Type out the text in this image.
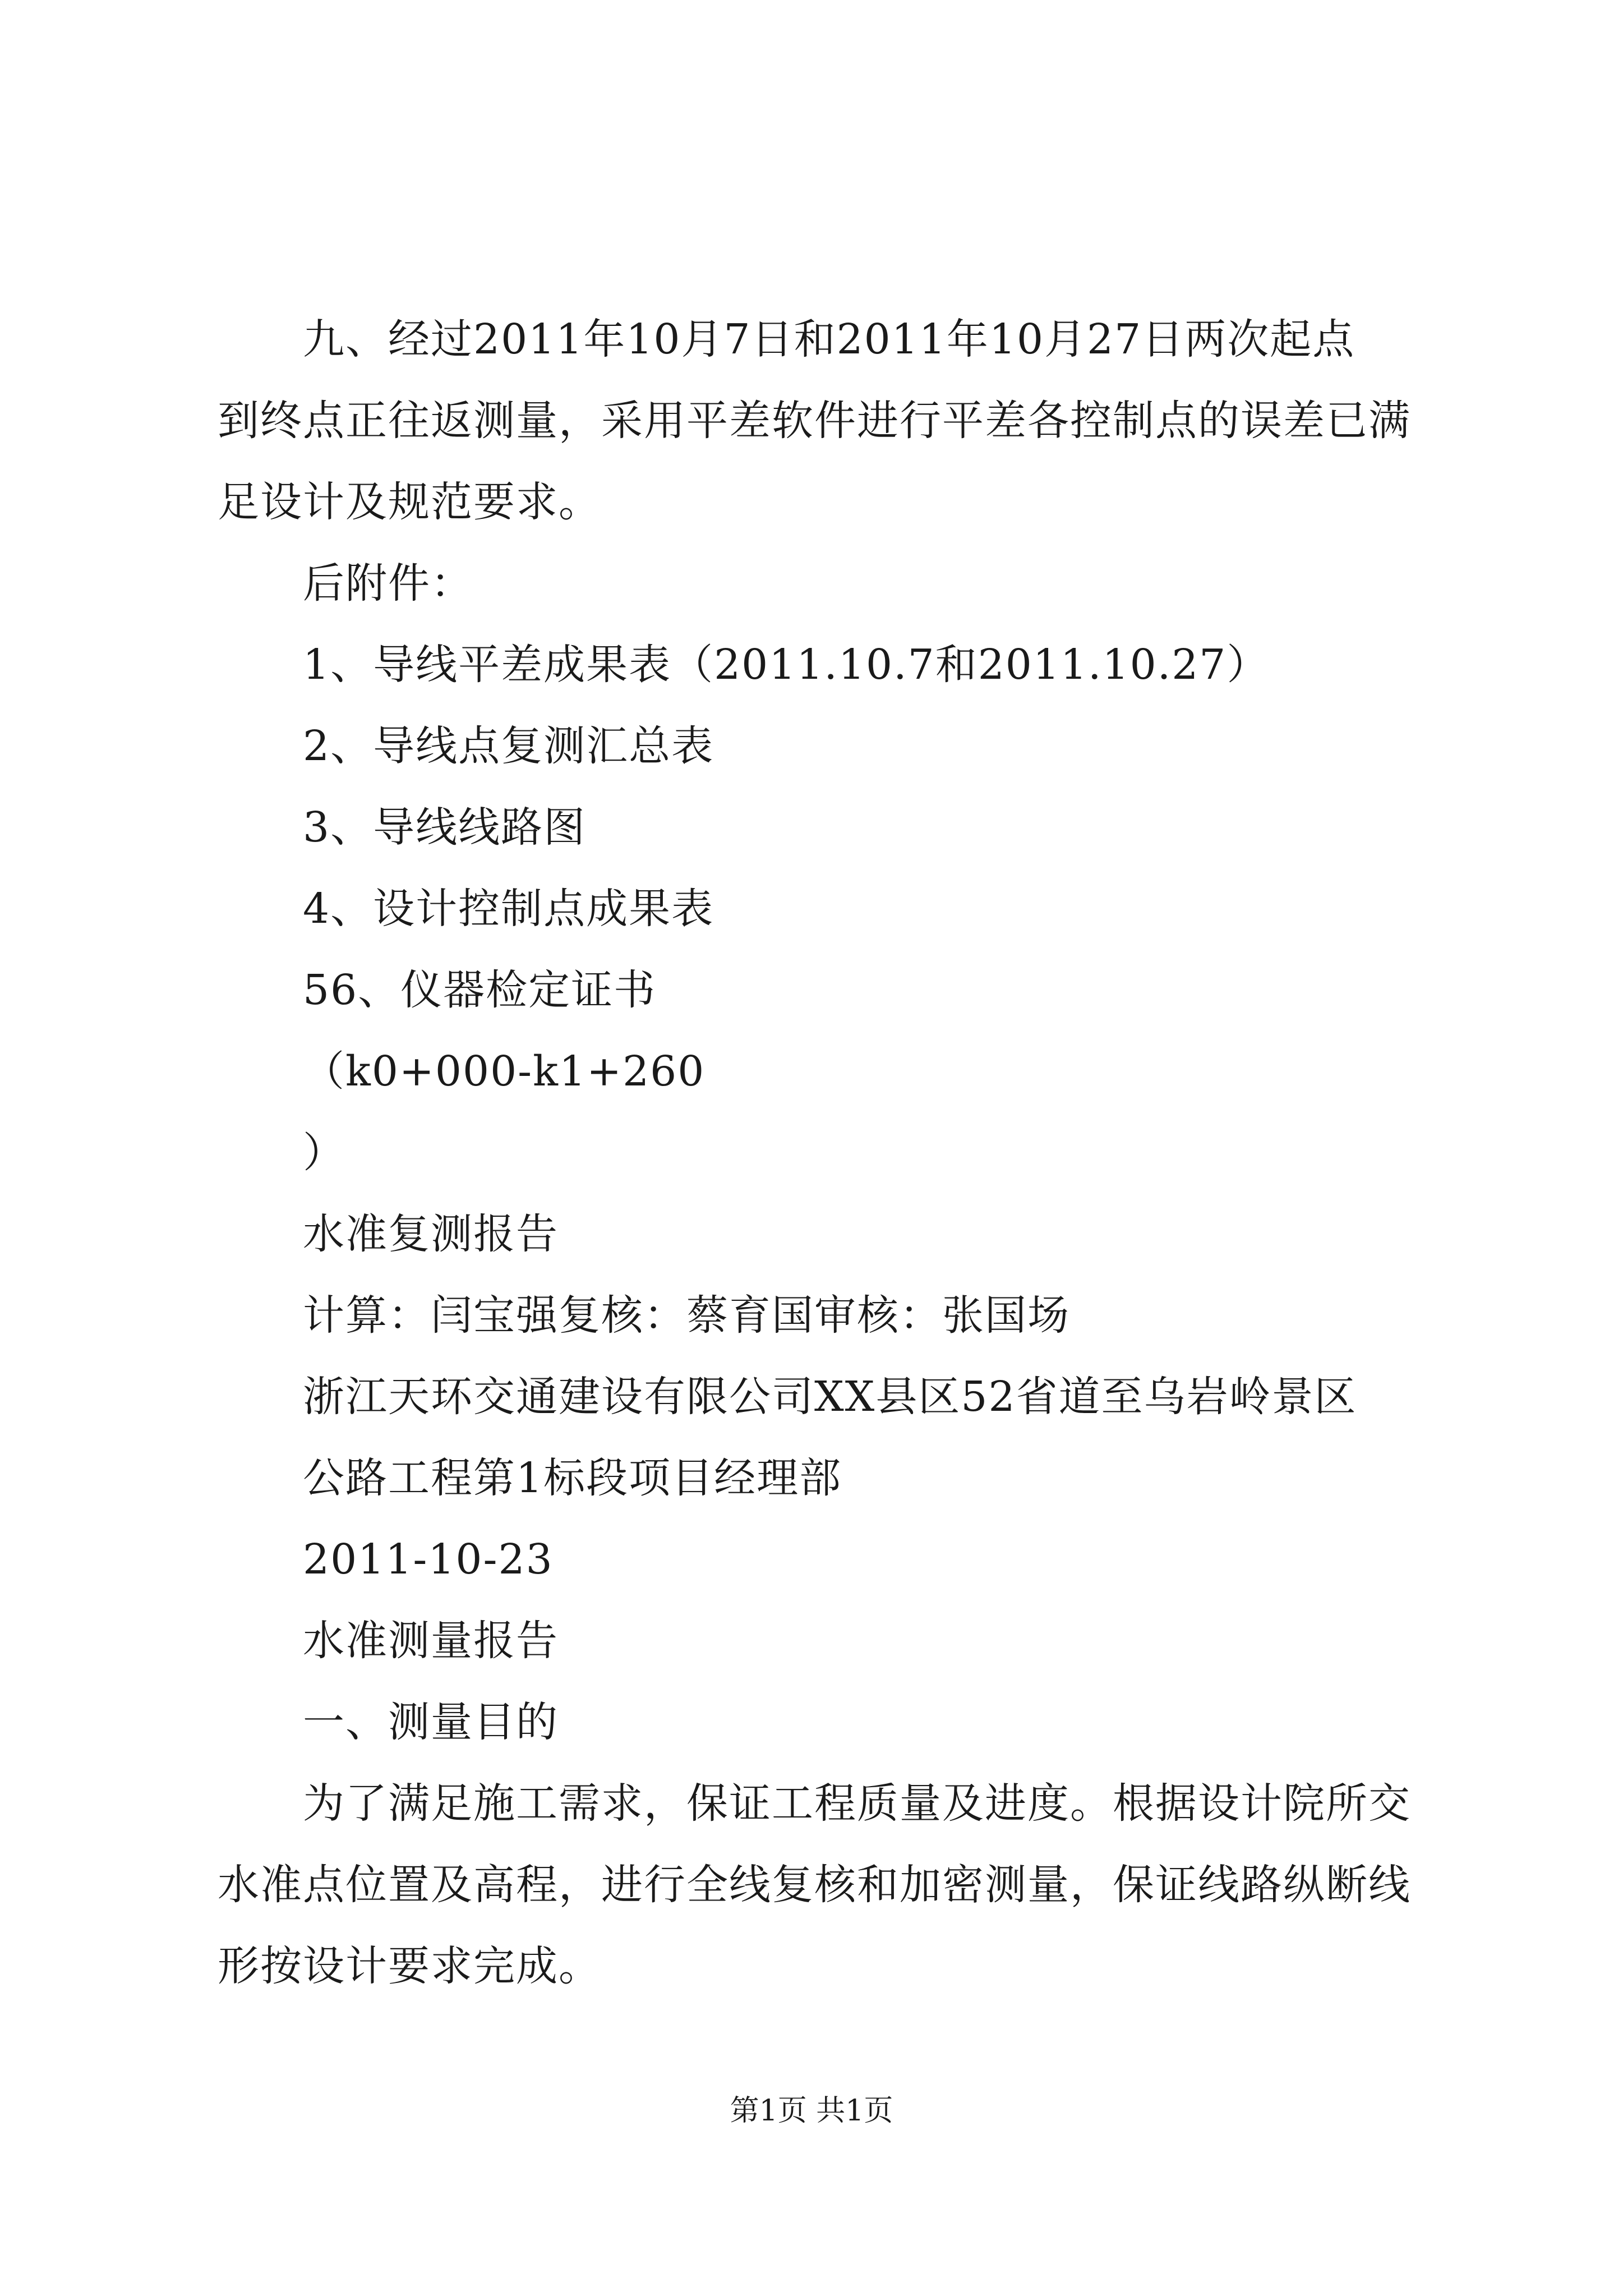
九、经过2011年10月7日和2011年10月27日两次起点
到终点正往返测量，采用平差软件进行平差各控制点的误差已满
足设计及规范要求。
后附件：
1、导线平差成果表（2011.10.7和2011.10.27）
2、导线点复测汇总表
3、导线线路图
4、设计控制点成果表
56、仪器检定证书
（k0+000-k1+260
）
水准复测报告
计算：闫宝强复核：蔡育国审核：张国场
浙江天环交通建设有限公司XX县区52省道至乌岩岭景区
公路工程第1标段项目经理部
2011-10-23
水准测量报告
一、测量目的
为了满足施工需求，保证工程质量及进度。根据设计院所交
水准点位置及高程，进行全线复核和加密测量，保证线路纵断线
形按设计要求完成。
第1页 共1页
